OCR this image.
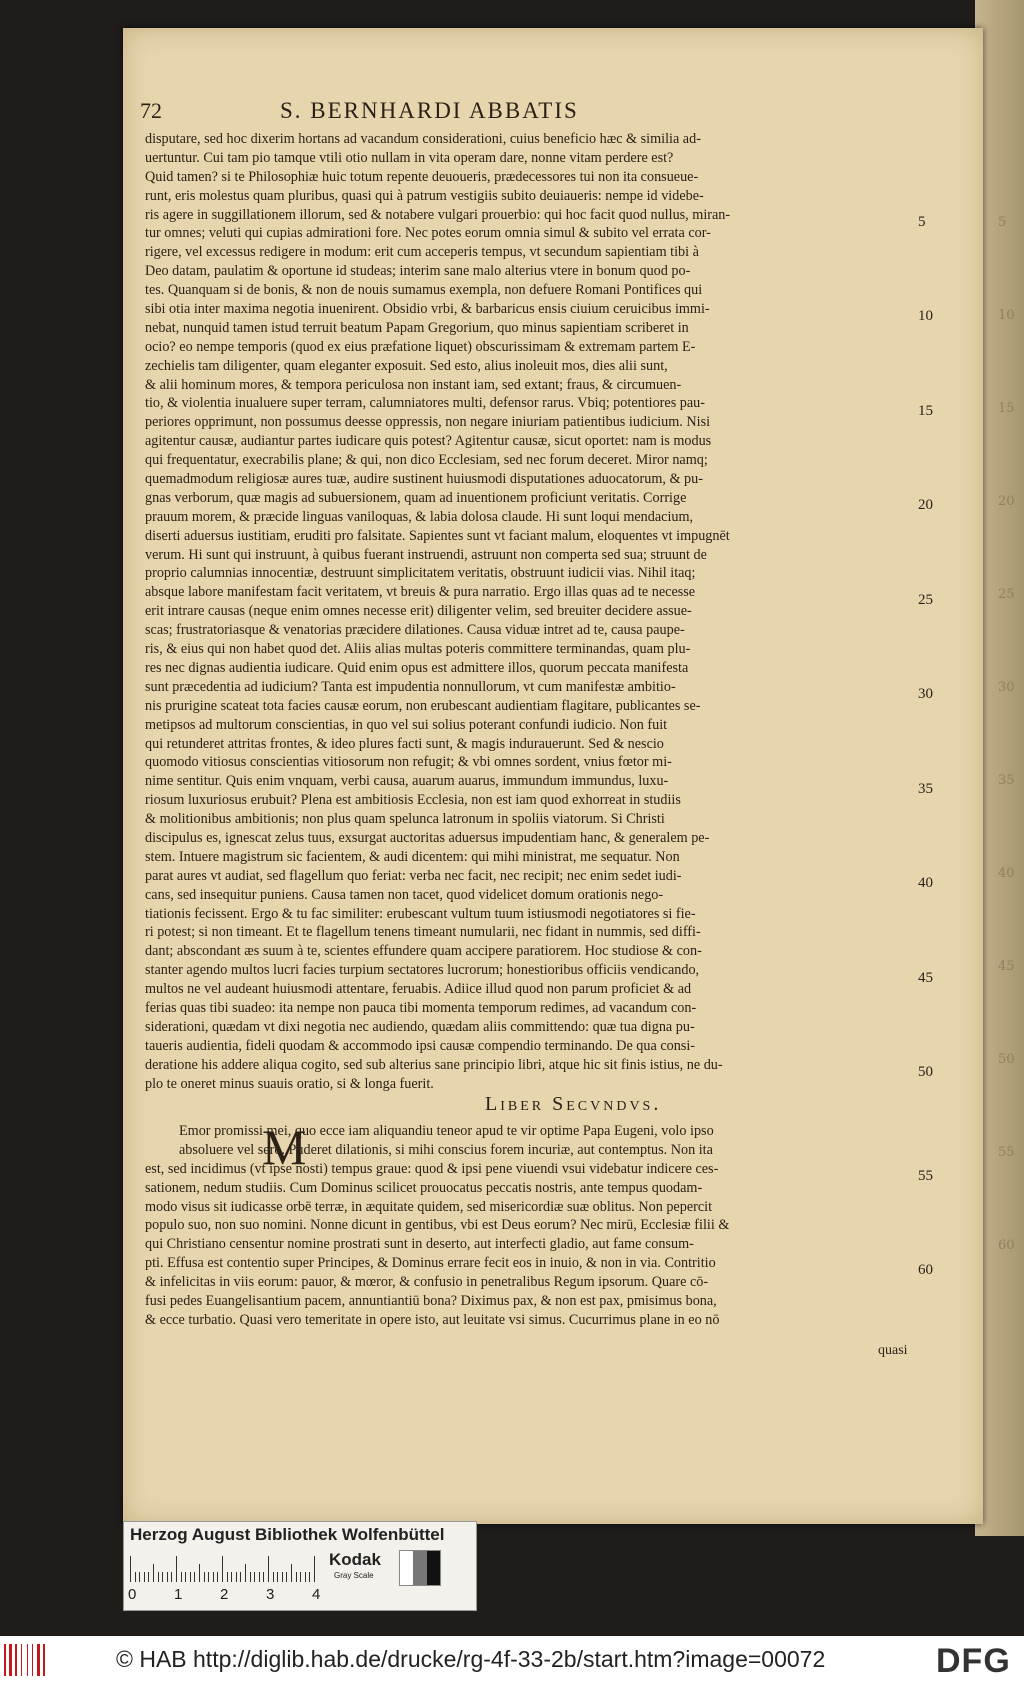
5
10
15
20
25
30
35
40
45
50
55
60
72	S. BERNHARDI ABBATIS
disputare, sed hoc dixerim hortans ad vacandum considerationi, cuius beneficio hæc & similia ad-
uertuntur. Cui tam pio tamque vtili otio nullam in vita operam dare, nonne vitam perdere est?
Quid tamen? si te Philosophiæ huic totum repente deuoueris, prædecessores tui non ita consueue-
runt, eris molestus quam pluribus, quasi qui à patrum vestigiis subito deuiaueris: nempe id videbe-
ris agere in suggillationem illorum, sed & notabere vulgari prouerbio: qui hoc facit quod nullus, miran-
tur omnes; veluti qui cupias admirationi fore. Nec potes eorum omnia simul & subito vel errata cor-
rigere, vel excessus redigere in modum: erit cum acceperis tempus, vt secundum sapientiam tibi à
Deo datam, paulatim & oportune id studeas; interim sane malo alterius vtere in bonum quod po-
tes. Quanquam si de bonis, & non de nouis sumamus exempla, non defuere Romani Pontifices qui
sibi otia inter maxima negotia inuenirent. Obsidio vrbi, & barbaricus ensis ciuium ceruicibus immi-
nebat, nunquid tamen istud terruit beatum Papam Gregorium, quo minus sapientiam scriberet in
ocio? eo nempe temporis (quod ex eius præfatione liquet) obscurissimam & extremam partem E-
zechielis tam diligenter, quam eleganter exposuit. Sed esto, alius inoleuit mos, dies alii sunt,
& alii hominum mores, & tempora periculosa non instant iam, sed extant; fraus, & circumuen-
tio, & violentia inualuere super terram, calumniatores multi, defensor rarus. Vbiq; potentiores pau-
periores opprimunt, non possumus deesse oppressis, non negare iniuriam patientibus iudicium. Nisi
agitentur causæ, audiantur partes iudicare quis potest? Agitentur causæ, sicut oportet: nam is modus
qui frequentatur, execrabilis plane; & qui, non dico Ecclesiam, sed nec forum deceret. Miror namq;
quemadmodum religiosæ aures tuæ, audire sustinent huiusmodi disputationes aduocatorum, & pu-
gnas verborum, quæ magis ad subuersionem, quam ad inuentionem proficiunt veritatis. Corrige
prauum morem, & præcide linguas vaniloquas, & labia dolosa claude. Hi sunt loqui mendacium,
diserti aduersus iustitiam, eruditi pro falsitate. Sapientes sunt vt faciant malum, eloquentes vt impugnēt
verum. Hi sunt qui instruunt, à quibus fuerant instruendi, astruunt non comperta sed sua; struunt de
proprio calumnias innocentiæ, destruunt simplicitatem veritatis, obstruunt iudicii vias. Nihil itaq;
absque labore manifestam facit veritatem, vt breuis & pura narratio. Ergo illas quas ad te necesse
erit intrare causas (neque enim omnes necesse erit) diligenter velim, sed breuiter decidere assue-
scas; frustratoriasque & venatorias præcidere dilationes. Causa viduæ intret ad te, causa paupe-
ris, & eius qui non habet quod det. Aliis alias multas poteris committere terminandas, quam plu-
res nec dignas audientia iudicare. Quid enim opus est admittere illos, quorum peccata manifesta
sunt præcedentia ad iudicium? Tanta est impudentia nonnullorum, vt cum manifestæ ambitio-
nis prurigine scateat tota facies causæ eorum, non erubescant audientiam flagitare, publicantes se-
metipsos ad multorum conscientias, in quo vel sui solius poterant confundi iudicio. Non fuit
qui retunderet attritas frontes, & ideo plures facti sunt, & magis indurauerunt. Sed & nescio
quomodo vitiosus conscientias vitiosorum non refugit; & vbi omnes sordent, vnius fœtor mi-
nime sentitur. Quis enim vnquam, verbi causa, auarum auarus, immundum immundus, luxu-
riosum luxuriosus erubuit? Plena est ambitiosis Ecclesia, non est iam quod exhorreat in studiis
& molitionibus ambitionis; non plus quam spelunca latronum in spoliis viatorum. Si Christi
discipulus es, ignescat zelus tuus, exsurgat auctoritas aduersus impudentiam hanc, & generalem pe-
stem. Intuere magistrum sic facientem, & audi dicentem: qui mihi ministrat, me sequatur. Non
parat aures vt audiat, sed flagellum quo feriat: verba nec facit, nec recipit; nec enim sedet iudi-
cans, sed insequitur puniens. Causa tamen non tacet, quod videlicet domum orationis nego-
tiationis fecissent. Ergo & tu fac similiter: erubescant vultum tuum istiusmodi negotiatores si fie-
ri potest; si non timeant. Et te flagellum tenens timeant numularii, nec fidant in nummis, sed diffi-
dant; abscondant æs suum à te, scientes effundere quam accipere paratiorem. Hoc studiose & con-
stanter agendo multos lucri facies turpium sectatores lucrorum; honestioribus officiis vendicando,
multos ne vel audeant huiusmodi attentare, feruabis. Adiice illud quod non parum proficiet & ad
ferias quas tibi suadeo: ita nempe non pauca tibi momenta temporum redimes, ad vacandum con-
siderationi, quædam vt dixi negotia nec audiendo, quædam aliis committendo: quæ tua digna pu-
taueris audientia, fideli quodam & accommodo ipsi causæ compendio terminando. De qua consi-
deratione his addere aliqua cogito, sed sub alterius sane principio libri, atque hic sit finis istius, ne du-
plo te oneret minus suauis oratio, si & longa fuerit.
5
10
15
20
25
30
35
40
45
50
55
60
Liber Secvndvs.
M
Emor promissi mei, quo ecce iam aliquandiu teneor apud te vir optime Papa Eugeni, volo ipso
absoluere vel sero. Puderet dilationis, si mihi conscius forem incuriæ, aut contemptus. Non ita
est, sed incidimus (vt ipse nosti) tempus graue: quod & ipsi pene viuendi vsui videbatur indicere ces-
sationem, nedum studiis. Cum Dominus scilicet prouocatus peccatis nostris, ante tempus quodam-
modo visus sit iudicasse orbē terræ, in æquitate quidem, sed misericordiæ suæ oblitus. Non pepercit
populo suo, non suo nomini. Nonne dicunt in gentibus, vbi est Deus eorum? Nec mirū, Ecclesiæ filii &
qui Christiano censentur nomine prostrati sunt in deserto, aut interfecti gladio, aut fame consum-
pti. Effusa est contentio super Principes, & Dominus errare fecit eos in inuio, & non in via. Contritio
& infelicitas in viis eorum: pauor, & mœror, & confusio in penetralibus Regum ipsorum. Quare cō-
fusi pedes Euangelisantium pacem, annuntiantiū bona? Diximus pax, & non est pax, pmisimus bona,
& ecce turbatio. Quasi vero temeritate in opere isto, aut leuitate vsi simus. Cucurrimus plane in eo nō
quasi
Herzog August Bibliothek Wolfenbüttel
0	1	2	3	4
Kodak
Gray Scale
© HAB http://diglib.hab.de/drucke/rg-4f-33-2b/start.htm?image=00072	DFG
